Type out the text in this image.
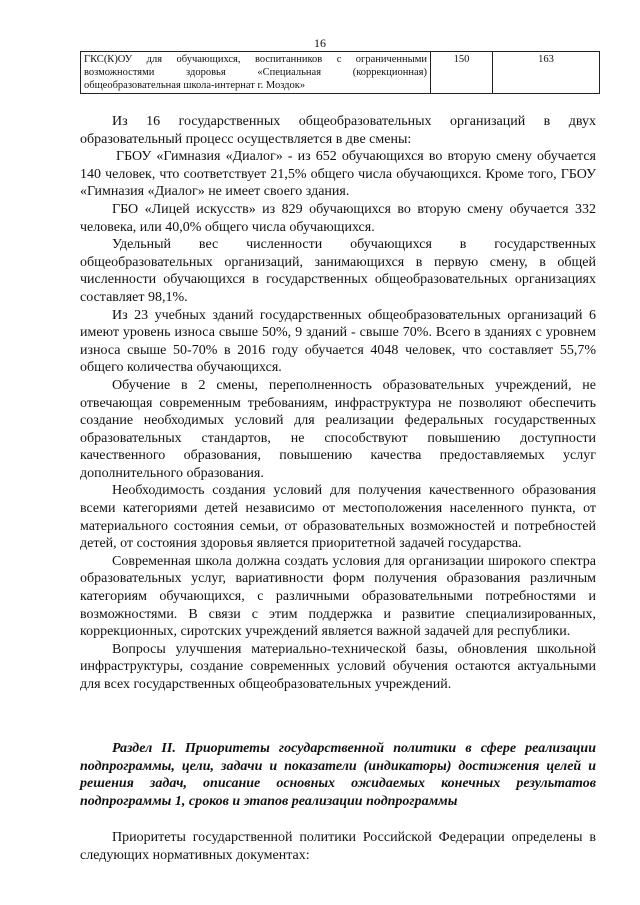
16
ГКС(К)ОУ для обучающихся, воспитанников с ограниченными
возможностями здоровья «Специальная (коррекционная)
общеобразовательная школа-интернат г. Моздок»
	150	163

Из 16 государственных общеобразовательных организаций в двух образовательный процесс осуществляется в две смены:

ГБОУ «Гимназия «Диалог» - из 652 обучающихся во вторую смену обучается 140 человек, что соответствует 21,5% общего числа обучающихся. Кроме того, ГБОУ «Гимназия «Диалог» не имеет своего здания.

ГБО «Лицей искусств» из 829 обучающихся во вторую смену обучается 332 человека, или 40,0% общего числа обучающихся.

Удельный вес численности обучающихся в государственных общеобразовательных организаций, занимающихся в первую смену, в общей численности обучающихся в государственных общеобразовательных организациях составляет 98,1%.

Из 23 учебных зданий государственных общеобразовательных организаций 6 имеют уровень износа свыше 50%, 9 зданий - свыше 70%. Всего в зданиях с уровнем износа свыше 50-70% в 2016 году обучается 4048 человек, что составляет 55,7% общего количества обучающихся.

Обучение в 2 смены, переполненность образовательных учреждений, не отвечающая современным требованиям, инфраструктура не позволяют обеспечить создание необходимых условий для реализации федеральных государственных образовательных стандартов, не способствуют повышению доступности качественного образования, повышению качества предоставляемых услуг дополнительного образования.

Необходимость создания условий для получения качественного образования всеми категориями детей независимо от местоположения населенного пункта, от материального состояния семьи, от образовательных возможностей и потребностей детей, от состояния здоровья является приоритетной задачей государства.

Современная школа должна создать условия для организации широкого спектра образовательных услуг, вариативности форм получения образования различным категориям обучающихся, с различными образовательными потребностями и возможностями. В связи с этим поддержка и развитие специализированных, коррекционных, сиротских учреждений является важной задачей для республики.

Вопросы улучшения материально-технической базы, обновления школьной инфраструктуры, создание современных условий обучения остаются актуальными для всех государственных общеобразовательных учреждений.

Раздел II. Приоритеты государственной политики в сфере реализации подпрограммы, цели, задачи и показатели (индикаторы) достижения целей и решения задач, описание основных ожидаемых конечных результатов подпрограммы 1, сроков и этапов реализации подпрограммы

Приоритеты государственной политики Российской Федерации определены в следующих нормативных документах:
